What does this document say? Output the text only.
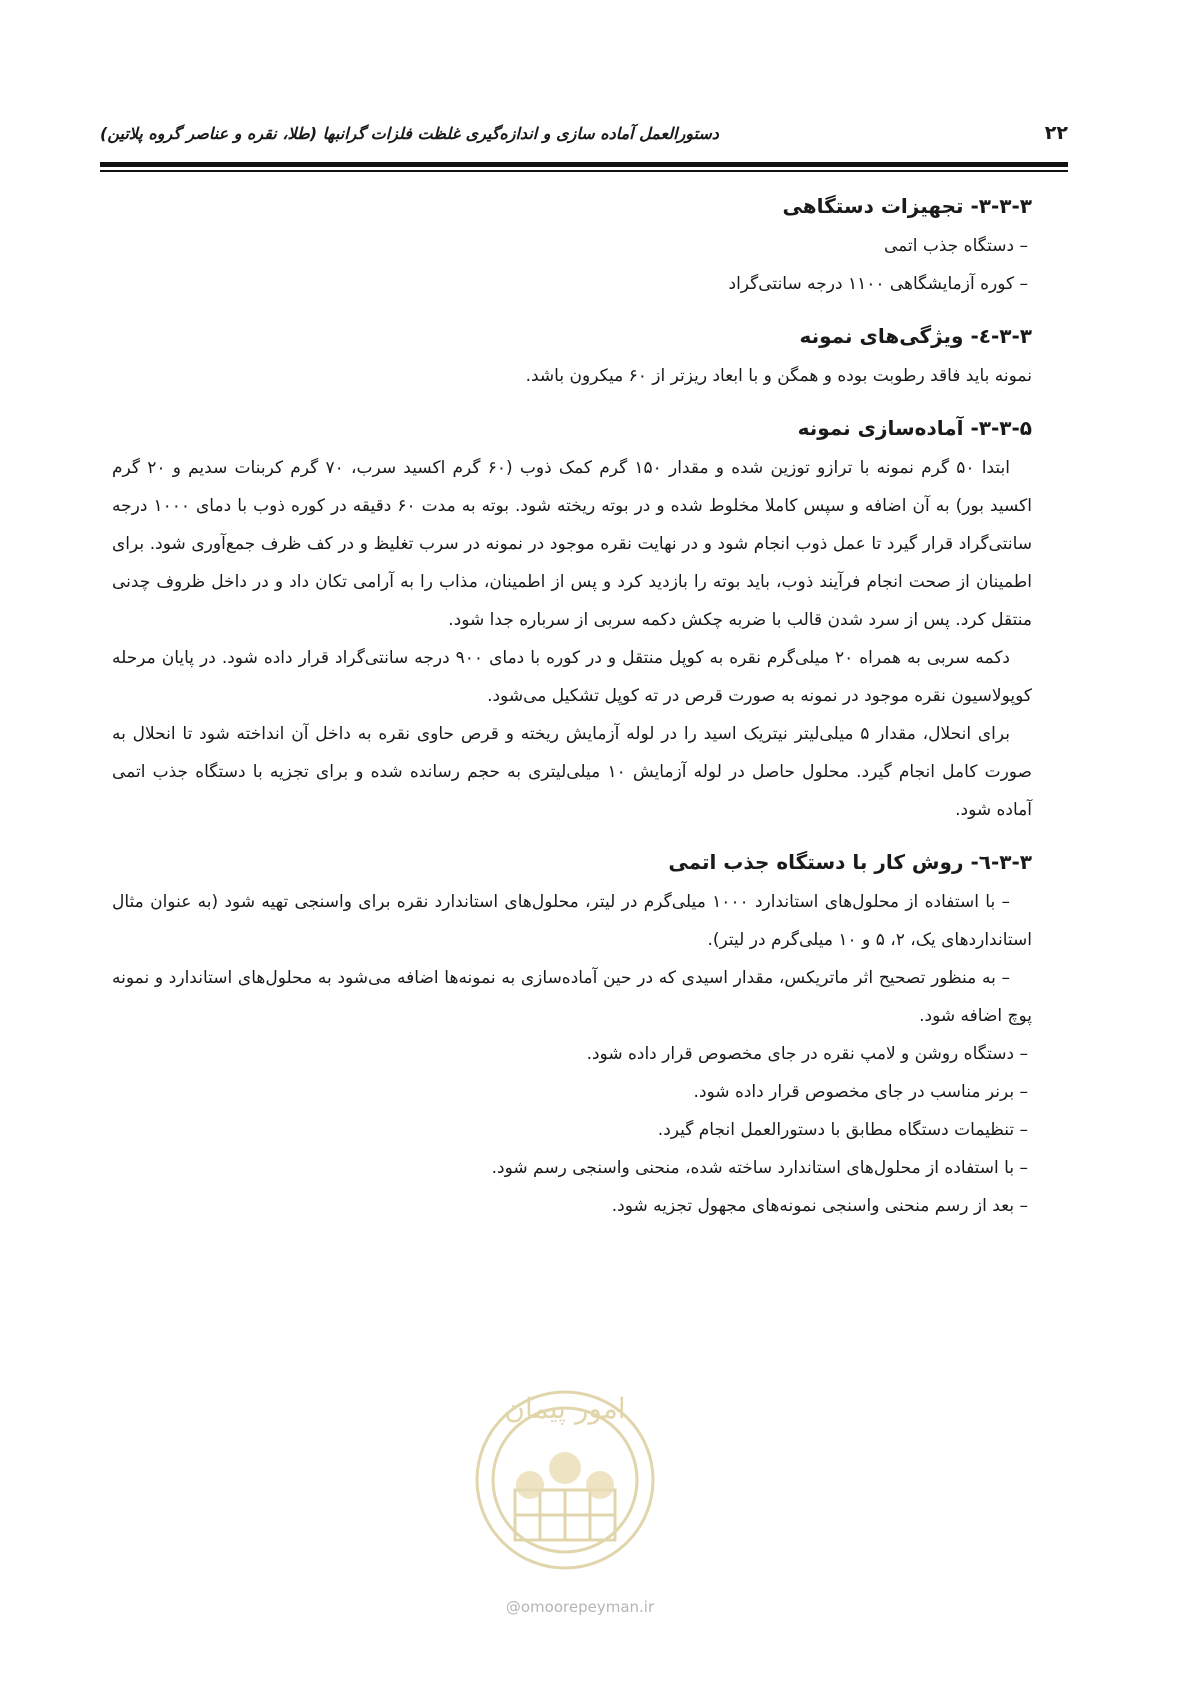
۲۲
دستورالعمل آماده سازی و اندازه‌گیری غلظت فلزات گرانبها (طلا، نقره و عناصر گروه پلاتین)
۳-۳-۳- تجهیزات دستگاهی

– دستگاه جذب اتمی

– کوره آزمایشگاهی ۱۱۰۰ درجه سانتی‌گراد

۳-۳-٤- ویژگی‌های نمونه

نمونه باید فاقد رطوبت بوده و همگن و با ابعاد ریزتر از ۶۰ میکرون باشد.

۳-۳-۵- آماده‌سازی نمونه

ابتدا ۵۰ گرم نمونه با ترازو توزین شده و مقدار ۱۵۰ گرم کمک ذوب (۶۰ گرم اکسید سرب، ۷۰ گرم کربنات سدیم و ۲۰ گرم اکسید بور) به آن اضافه و سپس کاملا مخلوط شده و در بوته ریخته شود. بوته به مدت ۶۰ دقیقه در کوره ذوب با دمای ۱۰۰۰ درجه سانتی‌گراد قرار گیرد تا عمل ذوب انجام شود و در نهایت نقره موجود در نمونه در سرب تغلیظ و در کف ظرف جمع‌آوری شود. برای اطمینان از صحت انجام فرآیند ذوب، باید بوته را بازدید کرد و پس از اطمینان، مذاب را به آرامی تکان داد و در داخل ظروف چدنی منتقل کرد. پس از سرد شدن قالب با ضربه چکش دکمه سربی از سرباره جدا شود.

دکمه سربی به همراه ۲۰ میلی‌گرم نقره به کوپل منتقل و در کوره با دمای ۹۰۰ درجه سانتی‌گراد قرار داده شود. در پایان مرحله کوپولاسیون نقره موجود در نمونه به صورت قرص در ته کوپل تشکیل می‌شود.

برای انحلال، مقدار ۵ میلی‌لیتر نیتریک اسید را در لوله آزمایش ریخته و قرص حاوی نقره به داخل آن انداخته شود تا انحلال به صورت کامل انجام گیرد. محلول حاصل در لوله آزمایش ۱۰ میلی‌لیتری به حجم رسانده شده و برای تجزیه با دستگاه جذب اتمی آماده شود.

۳-۳-٦- روش کار با دستگاه جذب اتمی

– با استفاده از محلول‌های استاندارد ۱۰۰۰ میلی‌گرم در لیتر، محلول‌های استاندارد نقره برای واسنجی تهیه شود (به عنوان مثال استانداردهای یک، ۲، ۵ و ۱۰ میلی‌گرم در لیتر).

– به منظور تصحیح اثر ماتریکس، مقدار اسیدی که در حین آماده‌سازی به نمونه‌ها اضافه می‌شود به محلول‌های استاندارد و نمونه پوچ اضافه شود.

– دستگاه روشن و لامپ نقره در جای مخصوص قرار داده شود.

– برنر مناسب در جای مخصوص قرار داده شود.

– تنظیمات دستگاه مطابق با دستورالعمل انجام گیرد.

– با استفاده از محلول‌های استاندارد ساخته شده، منحنی واسنجی رسم شود.

– بعد از رسم منحنی واسنجی نمونه‌های مجهول تجزیه شود.

امور پیمان
@omoorepeyman.ir
